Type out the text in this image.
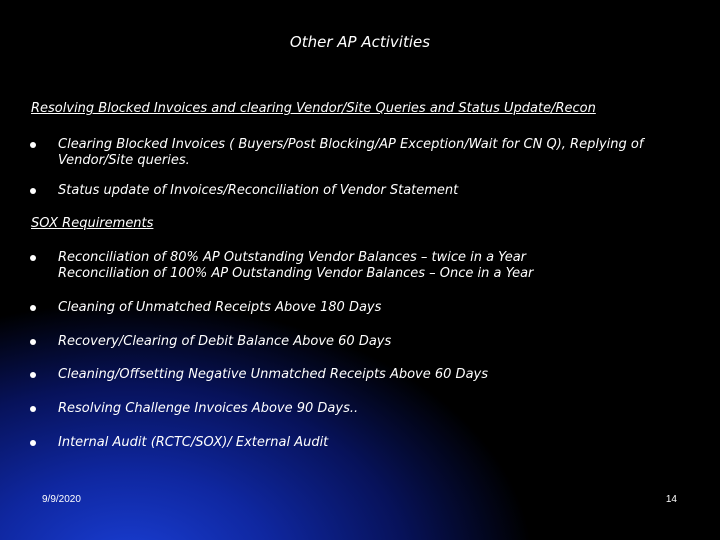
Other AP Activities
Resolving Blocked Invoices and clearing Vendor/Site Queries and Status Update/Recon
Clearing Blocked Invoices ( Buyers/Post Blocking/AP Exception/Wait for CN Q), Replying of
Vendor/Site queries.
Status update of Invoices/Reconciliation of Vendor Statement
SOX Requirements
Reconciliation of 80% AP Outstanding Vendor Balances – twice in a Year
Reconciliation of 100% AP Outstanding Vendor Balances – Once in a Year
Cleaning of Unmatched Receipts Above 180 Days
Recovery/Clearing of Debit Balance Above 60 Days
Cleaning/Offsetting Negative Unmatched Receipts Above 60 Days
Resolving Challenge Invoices Above 90 Days..
Internal Audit (RCTC/SOX)/ External Audit
9/9/2020	14
